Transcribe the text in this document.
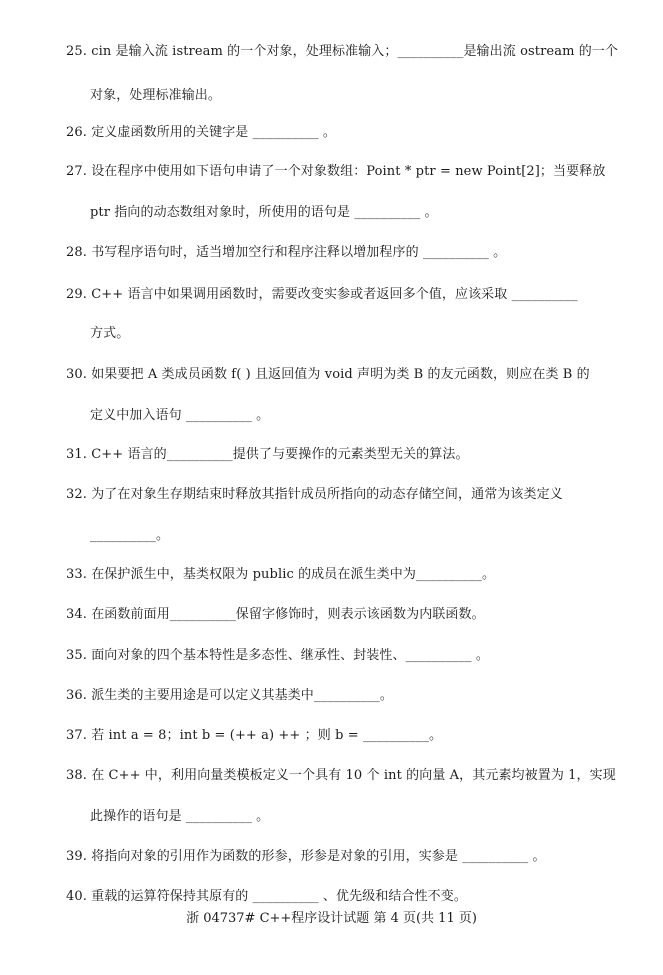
25. cin 是输入流 istream 的一个对象，处理标准输入；__________是输出流 ostream 的一个
对象，处理标准输出。
26. 定义虚函数所用的关键字是 __________ 。
27. 设在程序中使用如下语句申请了一个对象数组：Point * ptr = new Point[2]；当要释放
ptr 指向的动态数组对象时，所使用的语句是 __________ 。
28. 书写程序语句时，适当增加空行和程序注释以增加程序的 __________ 。
29. C++ 语言中如果调用函数时，需要改变实参或者返回多个值，应该采取 __________
方式。
30. 如果要把 A 类成员函数 f( ) 且返回值为 void 声明为类 B 的友元函数，则应在类 B 的
定义中加入语句 __________ 。
31. C++ 语言的__________提供了与要操作的元素类型无关的算法。
32. 为了在对象生存期结束时释放其指针成员所指向的动态存储空间，通常为该类定义
__________。
33. 在保护派生中，基类权限为 public 的成员在派生类中为__________。
34. 在函数前面用__________保留字修饰时，则表示该函数为内联函数。
35. 面向对象的四个基本特性是多态性、继承性、封装性、__________ 。
36. 派生类的主要用途是可以定义其基类中__________。
37. 若 int a = 8；int b = (++ a) ++ ；则 b = __________。
38. 在 C++ 中，利用向量类模板定义一个具有 10 个 int 的向量 A，其元素均被置为 1，实现
此操作的语句是 __________ 。
39. 将指向对象的引用作为函数的形参，形参是对象的引用，实参是 __________ 。
40. 重载的运算符保持其原有的 __________ 、优先级和结合性不变。
浙 04737# C++程序设计试题 第 4 页(共 11 页)
